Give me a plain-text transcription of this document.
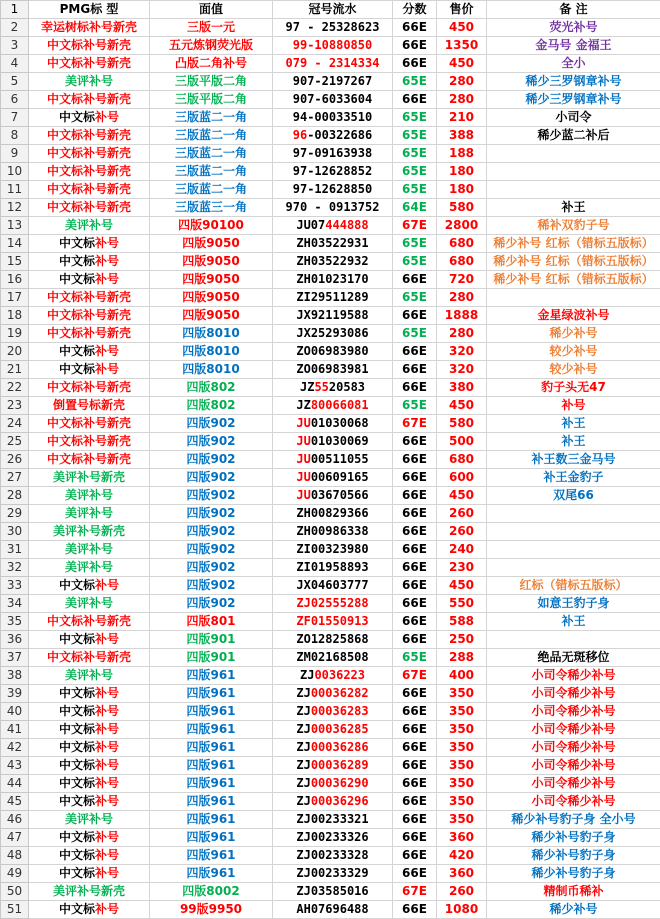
1	PMG标 型	面值	冠号流水	分数	售价	备 注
2	幸运树标补号新壳	三版一元	97 - 25328623	66E	450	荧光补号
3	中文标补号新壳	五元炼钢荧光版	99-10880850	66E	1350	金马号 金福王
4	中文标补号新壳	凸版二角补号	079 - 2314334	66E	450	全小
5	美评补号	三版平版二角	907-2197267	65E	280	稀少三罗钢章补号
6	中文标补号新壳	三版平版二角	907-6033604	66E	280	稀少三罗钢章补号
7	中文标补号	三版蓝二一角	94-00033510	65E	210	小司令
8	中文标补号新壳	三版蓝二一角	96-00322686	65E	388	稀少蓝二补后
9	中文标补号新壳	三版蓝二一角	97-09163938	65E	188	
10	中文标补号新壳	三版蓝二一角	97-12628852	65E	180	
11	中文标补号新壳	三版蓝二一角	97-12628850	65E	180	
12	中文标补号新壳	三版蓝三一角	970 - 0913752	64E	580	补王
13	美评补号	四版90100	JU07444888	67E	2800	稀补双豹子号
14	中文标补号	四版9050	ZH03522931	65E	680	稀少补号 红标（错标五版标）
15	中文标补号	四版9050	ZH03522932	65E	680	稀少补号 红标（错标五版标）
16	中文标补号	四版9050	ZH01023170	66E	720	稀少补号 红标（错标五版标）
17	中文标补号新壳	四版9050	ZI29511289	65E	280	
18	中文标补号新壳	四版9050	JX92119588	66E	1888	金星绿波补号
19	中文标补号新壳	四版8010	JX25293086	65E	280	稀少补号
20	中文标补号	四版8010	ZO06983980	66E	320	较少补号
21	中文标补号	四版8010	ZO06983981	66E	320	较少补号
22	中文标补号新壳	四版802	JZ5520583	66E	380	豹子头无47
23	倒置号标新壳	四版802	JZ80066081	65E	450	补号
24	中文标补号新壳	四版902	JU01030068	67E	580	补王
25	中文标补号新壳	四版902	JU01030069	66E	500	补王
26	中文标补号新壳	四版902	JU00511055	66E	680	补王数三金马号
27	美评补号新壳	四版902	JU00609165	66E	600	补王金豹子
28	美评补号	四版902	JU03670566	66E	450	双尾66
29	美评补号	四版902	ZH00829366	66E	260	
30	美评补号新壳	四版902	ZH00986338	66E	260	
31	美评补号	四版902	ZI00323980	66E	240	
32	美评补号	四版902	ZI01958893	66E	230	
33	中文标补号	四版902	JX04603777	66E	450	红标（错标五版标）
34	美评补号	四版902	ZJ02555288	66E	550	如意王豹子身
35	中文标补号新壳	四版801	ZF01550913	66E	588	补王
36	中文标补号	四版901	ZO12825868	66E	250	
37	中文标补号新壳	四版901	ZM02168508	65E	288	绝品无斑移位
38	美评补号	四版961	ZJ0036223	67E	400	小司令稀少补号
39	中文标补号	四版961	ZJ00036282	66E	350	小司令稀少补号
40	中文标补号	四版961	ZJ00036283	66E	350	小司令稀少补号
41	中文标补号	四版961	ZJ00036285	66E	350	小司令稀少补号
42	中文标补号	四版961	ZJ00036286	66E	350	小司令稀少补号
43	中文标补号	四版961	ZJ00036289	66E	350	小司令稀少补号
44	中文标补号	四版961	ZJ00036290	66E	350	小司令稀少补号
45	中文标补号	四版961	ZJ00036296	66E	350	小司令稀少补号
46	美评补号	四版961	ZJ00233321	66E	350	稀少补号豹子身 全小号
47	中文标补号	四版961	ZJ00233326	66E	360	稀少补号豹子身
48	中文标补号	四版961	ZJ00233328	66E	420	稀少补号豹子身
49	中文标补号	四版961	ZJ00233329	66E	360	稀少补号豹子身
50	美评补号新壳	四版8002	ZJ03585016	67E	260	精制币稀补
51	中文标补号	99版9950	AH07696488	66E	1080	稀少补号
